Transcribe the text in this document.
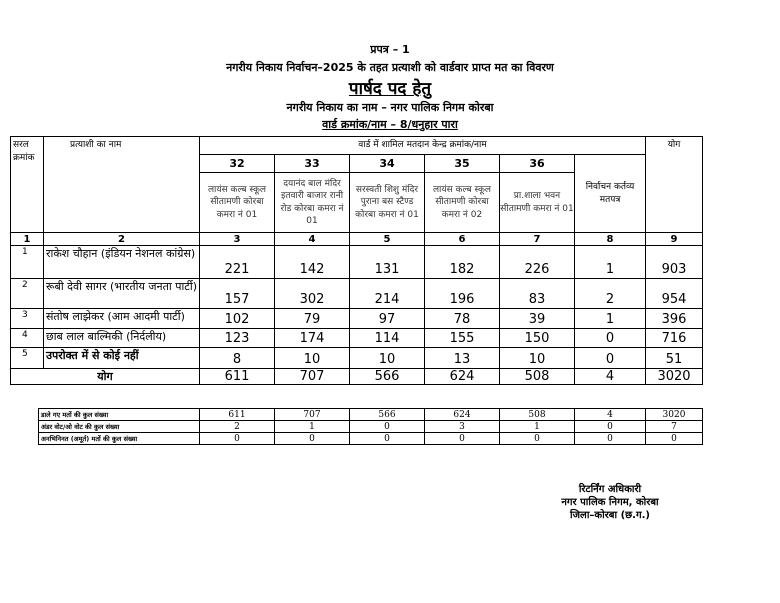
प्रपत्र – 1
नगरीय निकाय निर्वाचन–2025 के तहत प्रत्याशी को वार्डवार प्राप्त मत का विवरण
पार्षद पद हेतु
नगरीय निकाय का नाम – नगर पालिक निगम कोरबा
वार्ड क्रमांक/नाम – 8/धनुहार पारा
सरल क्रमांक	प्रत्याशी का नाम	वार्ड में शामिल मतदान केन्द्र क्रमांक/नाम						योग
		32	33	34	35	36	निर्वाचन कर्तव्य मतपत्र	
		लायंस कल्ब स्कूल सीतामणी कोरबा कमरा नं 01	दयानंद बाल मंदिर इतवारी बाजार रानी रोड कोरबा कमरा नं 01	सरस्वती शिशु मंदिर पुराना बस स्टैण्ड कोरबा कमरा नं 01	लायंस कल्ब स्कूल सीतामणी कोरबा कमरा नं 02	प्रा.शाला भवन सीतामणी कमरा नं 01		
1	2	3	4	5	6	7	8	9
1	राकेश चौहान (इंडियन नेशनल कांग्रेस)	221	142	131	182	226	1	903
2	रूबी देवी सागर (भारतीय जनता पार्टी)	157	302	214	196	83	2	954
3	संतोष लाझेकर (आम आदमी पार्टी)	102	79	97	78	39	1	396
4	छाब लाल बाल्मिकी (निर्दलीय)	123	174	114	155	150	0	716
5	उपरोक्त में से कोई नहीं	8	10	10	13	10	0	51
योग		611	707	566	624	508	4	3020
डाले गए मतों की कुल संख्या	611	707	566	624	508	4	3020
अंडर वोट/ओ वोट की कुल संख्या	2	1	0	3	1	0	7
अनभिनिनत (अमूर्त) मतों की कुल संख्या	0	0	0	0	0	0	0
रिटर्निंग अधिकारी
नगर पालिक निगम, कोरबा
जिला–कोरबा (छ.ग.)
